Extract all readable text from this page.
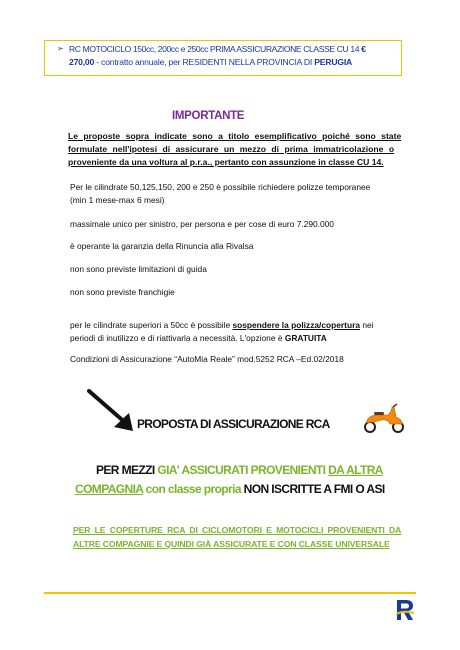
➢ RC MOTOCICLO 150cc, 200cc e 250cc PRIMA ASSICURAZIONE CLASSE CU 14 €
270,00 - contratto annuale, per RESIDENTI NELLA PROVINCIA DI PERUGIA
IMPORTANTE
Le proposte sopra indicate sono a titolo esemplificativo poiché sono state
formulate nell'ipotesi di assicurare un mezzo di prima immatricolazione o
proveniente da una voltura al p.r.a., pertanto con assunzione in classe CU 14.
Per le cilindrate 50,125,150, 200 e 250 è possibile richiedere polizze temporanee
(min 1 mese-max 6 mesi)
massimale unico per sinistro, per persona e per cose di euro 7.290.000
è operante la garanzia della Rinuncia alla Rivalsa
non sono previste limitazioni di guida
non sono previste franchigie
per le cilindrate superiori a 50cc è possibile sospendere la polizza/copertura nei
periodi di inutilizzo e di riattivarla a necessità. L'opzione è GRATUITA
Condizioni di Assicurazione “AutoMia Reale” mod.5252 RCA –Ed.02/2018
PROPOSTA DI ASSICURAZIONE RCA
PER MEZZI GIA' ASSICURATI PROVENIENTI DA ALTRA
COMPAGNIA con classe propria NON ISCRITTE A FMI O ASI
PER LE COPERTURE RCA DI CICLOMOTORI E MOTOCICLI PROVENIENTI DA
ALTRE COMPAGNIE E QUINDI GIÀ ASSICURATE E CON CLASSE UNIVERSALE
